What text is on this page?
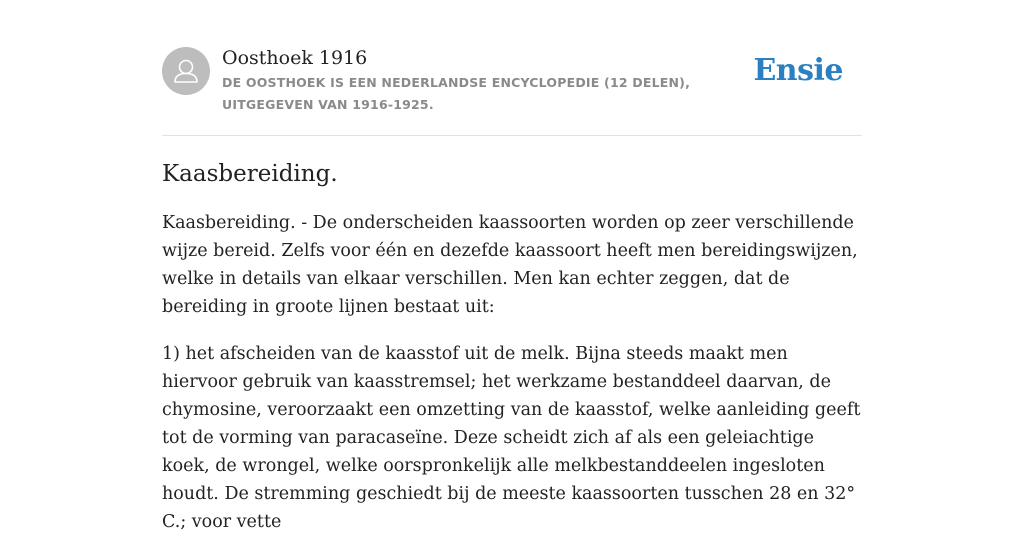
Oosthoek 1916
DE OOSTHOEK IS EEN NEDERLANDSE ENCYCLOPEDIE (12 DELEN), UITGEGEVEN VAN 1916-1925.
Ensie
Kaasbereiding.

Kaasbereiding. - De onderscheiden kaassoorten worden op zeer verschillende wijze bereid. Zelfs voor één en dezefde kaassoort heeft men bereidingswijzen, welke in details van elkaar verschillen. Men kan echter zeggen, dat de bereiding in groote lijnen bestaat uit:

1) het afscheiden van de kaasstof uit de melk. Bijna steeds maakt men hiervoor gebruik van kaasstremsel; het werkzame bestanddeel daarvan, de chymosine, veroorzaakt een omzetting van de kaasstof, welke aanleiding geeft tot de vorming van paracaseïne. Deze scheidt zich af als een geleiachtige koek, de wrongel, welke oorspronkelijk alle melkbestanddeelen ingesloten houdt. De stremming geschiedt bij de meeste kaassoorten tusschen 28 en 32° C.; voor vette
